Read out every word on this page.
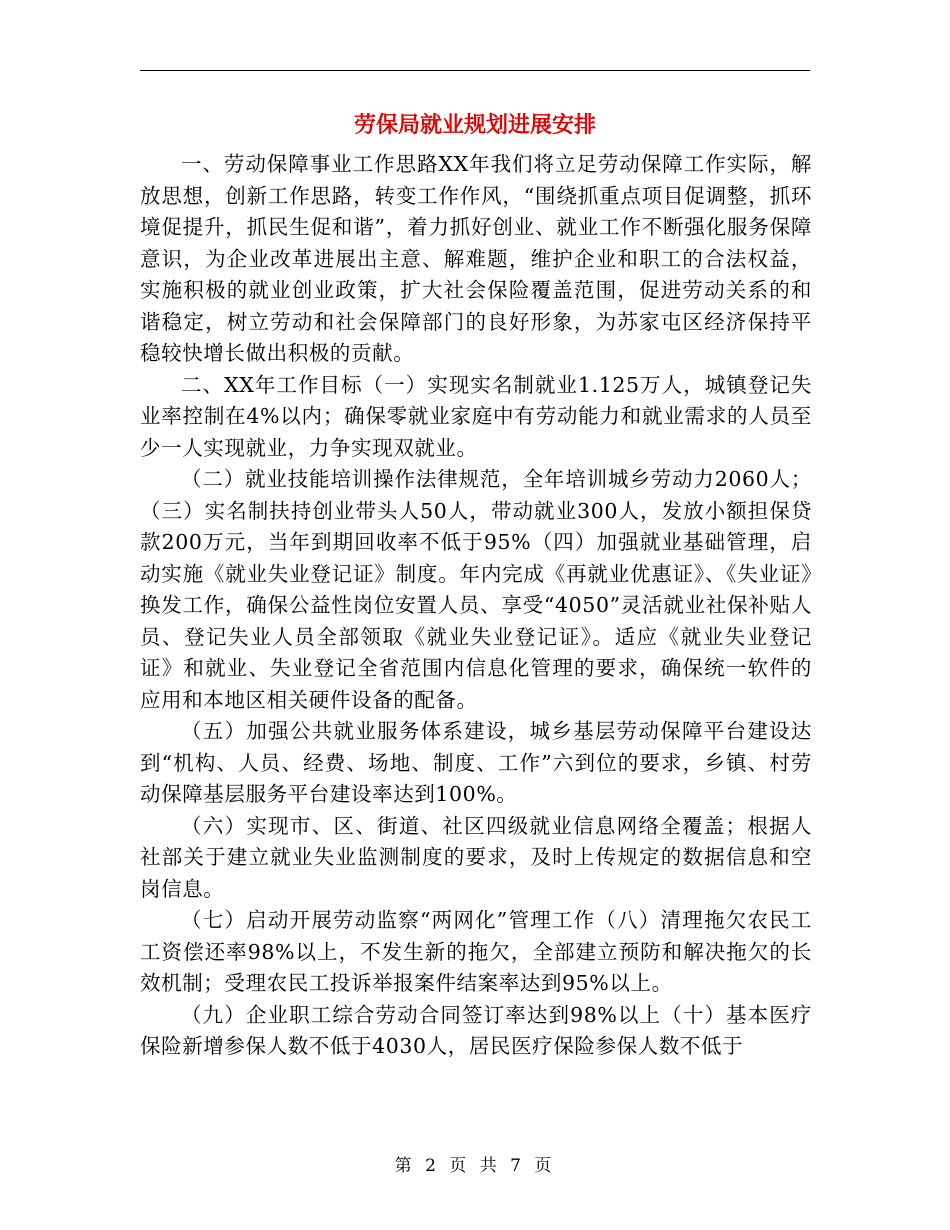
劳保局就业规划进展安排

一、劳动保障事业工作思路XX年我们将立足劳动保障工作实际，解放思想，创新工作思路，转变工作作风，“围绕抓重点项目促调整，抓环境促提升，抓民生促和谐”，着力抓好创业、就业工作不断强化服务保障意识，为企业改革进展出主意、解难题，维护企业和职工的合法权益，实施积极的就业创业政策，扩大社会保险覆盖范围，促进劳动关系的和谐稳定，树立劳动和社会保障部门的良好形象，为苏家屯区经济保持平稳较快增长做出积极的贡献。

二、XX年工作目标（一）实现实名制就业1.125万人，城镇登记失业率控制在4%以内；确保零就业家庭中有劳动能力和就业需求的人员至少一人实现就业，力争实现双就业。

（二）就业技能培训操作法律规范，全年培训城乡劳动力2060人；（三）实名制扶持创业带头人50人，带动就业300人，发放小额担保贷款200万元，当年到期回收率不低于95%（四）加强就业基础管理，启动实施《就业失业登记证》制度。年内完成《再就业优惠证》、《失业证》换发工作，确保公益性岗位安置人员、享受“4050”灵活就业社保补贴人员、登记失业人员全部领取《就业失业登记证》。适应《就业失业登记证》和就业、失业登记全省范围内信息化管理的要求，确保统一软件的应用和本地区相关硬件设备的配备。

（五）加强公共就业服务体系建设，城乡基层劳动保障平台建设达到“机构、人员、经费、场地、制度、工作”六到位的要求，乡镇、村劳动保障基层服务平台建设率达到100%。

（六）实现市、区、街道、社区四级就业信息网络全覆盖；根据人社部关于建立就业失业监测制度的要求，及时上传规定的数据信息和空岗信息。

（七）启动开展劳动监察“两网化”管理工作（八）清理拖欠农民工工资偿还率98%以上，不发生新的拖欠，全部建立预防和解决拖欠的长效机制；受理农民工投诉举报案件结案率达到95%以上。

（九）企业职工综合劳动合同签订率达到98%以上（十）基本医疗保险新增参保人数不低于4030人，居民医疗保险参保人数不低于

第 2 页 共 7 页
